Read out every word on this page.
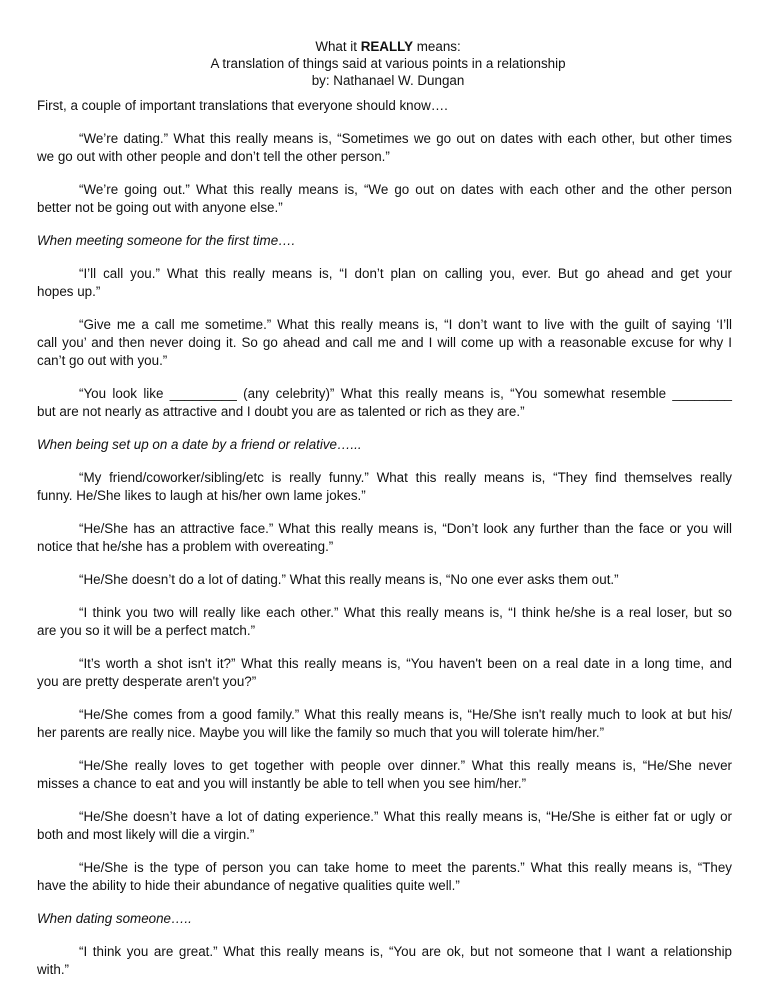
What it REALLY means:
A translation of things said at various points in a relationship
by: Nathanael W. Dungan
First, a couple of important translations that everyone should know….
“We’re dating.” What this really means is, “Sometimes we go out on dates with each other, but other times
we go out with other people and don’t tell the other person.”
“We’re going out.” What this really means is, “We go out on dates with each other and the other person
better not be going out with anyone else.”
When meeting someone for the first time….
“I’ll call you.” What this really means is, “I don’t plan on calling you, ever. But go ahead and get your
hopes up.”
“Give me a call me sometime.” What this really means is, “I don’t want to live with the guilt of saying ‘I’ll
call you’ and then never doing it. So go ahead and call me and I will come up with a reasonable excuse for why I
can’t go out with you.”
“You look like _________ (any celebrity)” What this really means is, “You somewhat resemble ________
but are not nearly as attractive and I doubt you are as talented or rich as they are.”
When being set up on a date by a friend or relative…...
“My friend/coworker/sibling/etc is really funny.” What this really means is, “They find themselves really
funny. He/She likes to laugh at his/her own lame jokes.”
“He/She has an attractive face.” What this really means is, “Don’t look any further than the face or you will
notice that he/she has a problem with overeating.”
“He/She doesn’t do a lot of dating.” What this really means is, “No one ever asks them out.”
“I think you two will really like each other.” What this really means is, “I think he/she is a real loser, but so
are you so it will be a perfect match.”
“It’s worth a shot isn't it?” What this really means is, “You haven't been on a real date in a long time, and
you are pretty desperate aren't you?”
“He/She comes from a good family.” What this really means is, “He/She isn't really much to look at but his/
her parents are really nice. Maybe you will like the family so much that you will tolerate him/her.”
“He/She really loves to get together with people over dinner.” What this really means is, “He/She never
misses a chance to eat and you will instantly be able to tell when you see him/her.”
“He/She doesn’t have a lot of dating experience.” What this really means is, “He/She is either fat or ugly or
both and most likely will die a virgin.”
“He/She is the type of person you can take home to meet the parents.” What this really means is, “They
have the ability to hide their abundance of negative qualities quite well.”
When dating someone…..
“I think you are great.” What this really means is, “You are ok, but not someone that I want a relationship
with.”
